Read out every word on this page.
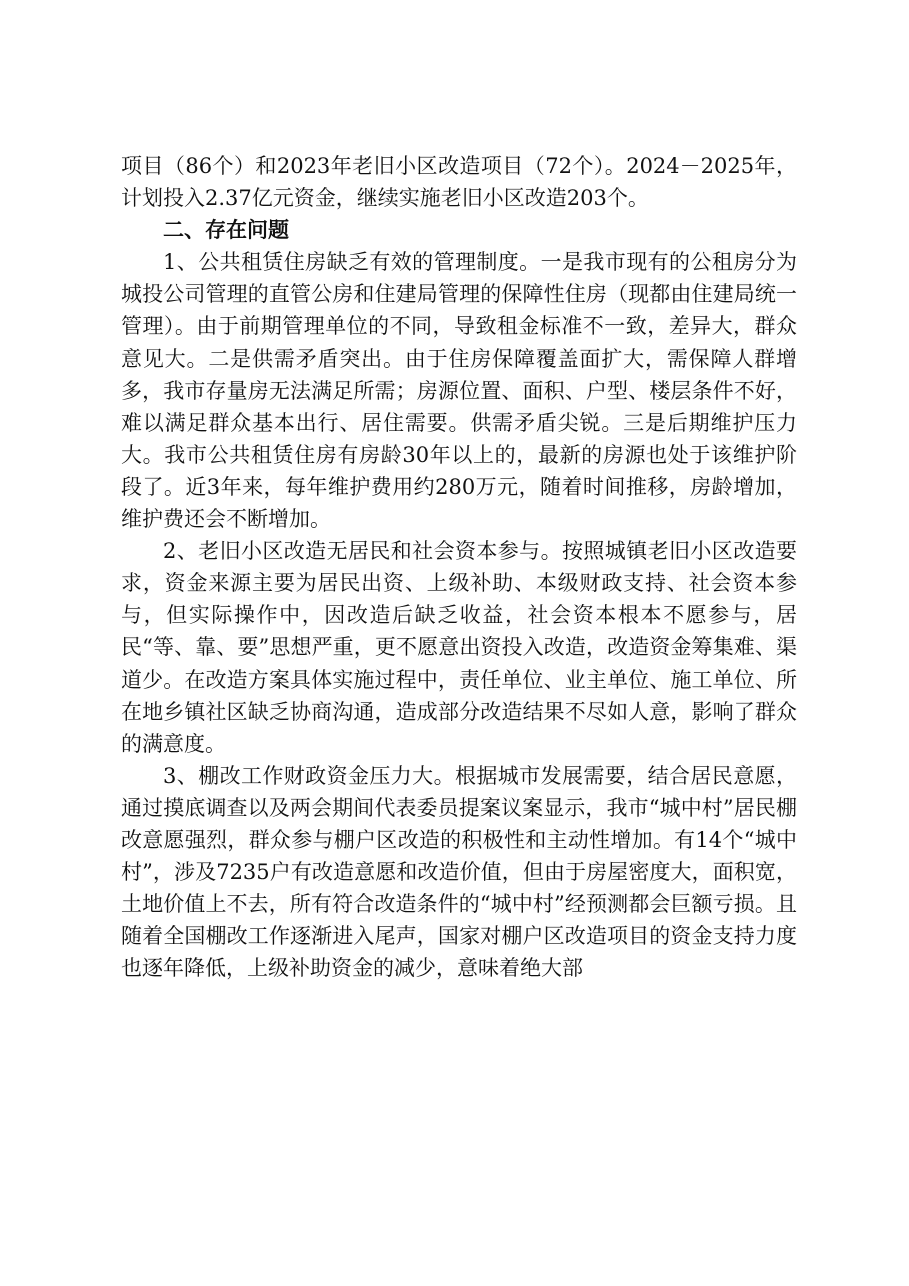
项目（86个）和2023年老旧小区改造项目（72个）。2024－2025年，计划投入2.37亿元资金，继续实施老旧小区改造203个。

二、存在问题

1、公共租赁住房缺乏有效的管理制度。一是我市现有的公租房分为城投公司管理的直管公房和住建局管理的保障性住房（现都由住建局统一管理）。由于前期管理单位的不同，导致租金标准不一致，差异大，群众意见大。二是供需矛盾突出。由于住房保障覆盖面扩大，需保障人群增多，我市存量房无法满足所需；房源位置、面积、户型、楼层条件不好，难以满足群众基本出行、居住需要。供需矛盾尖锐。三是后期维护压力大。我市公共租赁住房有房龄30年以上的，最新的房源也处于该维护阶段了。近3年来，每年维护费用约280万元，随着时间推移，房龄增加，维护费还会不断增加。

2、老旧小区改造无居民和社会资本参与。按照城镇老旧小区改造要求，资金来源主要为居民出资、上级补助、本级财政支持、社会资本参与，但实际操作中，因改造后缺乏收益，社会资本根本不愿参与，居民“等、靠、要”思想严重，更不愿意出资投入改造，改造资金筹集难、渠道少。在改造方案具体实施过程中，责任单位、业主单位、施工单位、所在地乡镇社区缺乏协商沟通，造成部分改造结果不尽如人意，影响了群众的满意度。

3、棚改工作财政资金压力大。根据城市发展需要，结合居民意愿，通过摸底调查以及两会期间代表委员提案议案显示，我市“城中村”居民棚改意愿强烈，群众参与棚户区改造的积极性和主动性增加。有14个“城中村”，涉及7235户有改造意愿和改造价值，但由于房屋密度大，面积宽，土地价值上不去，所有符合改造条件的“城中村”经预测都会巨额亏损。且随着全国棚改工作逐渐进入尾声，国家对棚户区改造项目的资金支持力度也逐年降低，上级补助资金的减少，意味着绝大部
